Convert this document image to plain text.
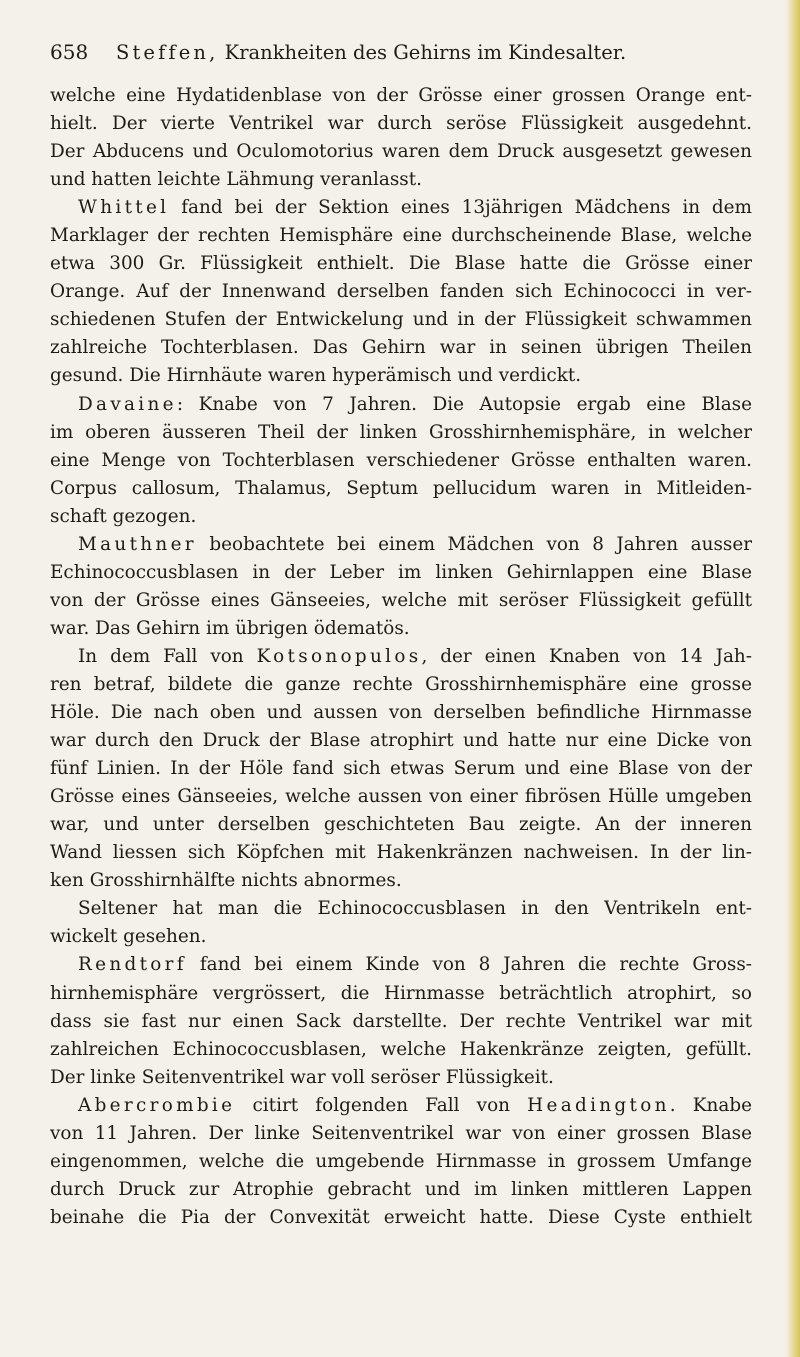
658	Steffen, Krankheiten des Gehirns im Kindesalter.
welche eine Hydatidenblase von der Grösse einer grossen Orange ent-
hielt. Der vierte Ventrikel war durch seröse Flüssigkeit ausgedehnt.
Der Abducens und Oculomotorius waren dem Druck ausgesetzt gewesen
und hatten leichte Lähmung veranlasst.
Whittel fand bei der Sektion eines 13jährigen Mädchens in dem
Marklager der rechten Hemisphäre eine durchscheinende Blase, welche
etwa 300 Gr. Flüssigkeit enthielt. Die Blase hatte die Grösse einer
Orange. Auf der Innenwand derselben fanden sich Echinococci in ver-
schiedenen Stufen der Entwickelung und in der Flüssigkeit schwammen
zahlreiche Tochterblasen. Das Gehirn war in seinen übrigen Theilen
gesund. Die Hirnhäute waren hyperämisch und verdickt.
Davaine: Knabe von 7 Jahren. Die Autopsie ergab eine Blase
im oberen äusseren Theil der linken Grosshirnhemisphäre, in welcher
eine Menge von Tochterblasen verschiedener Grösse enthalten waren.
Corpus callosum, Thalamus, Septum pellucidum waren in Mitleiden-
schaft gezogen.
Mauthner beobachtete bei einem Mädchen von 8 Jahren ausser
Echinococcusblasen in der Leber im linken Gehirnlappen eine Blase
von der Grösse eines Gänseeies, welche mit seröser Flüssigkeit gefüllt
war. Das Gehirn im übrigen ödematös.
In dem Fall von Kotsonopulos, der einen Knaben von 14 Jah-
ren betraf, bildete die ganze rechte Grosshirnhemisphäre eine grosse
Höle. Die nach oben und aussen von derselben befindliche Hirnmasse
war durch den Druck der Blase atrophirt und hatte nur eine Dicke von
fünf Linien. In der Höle fand sich etwas Serum und eine Blase von der
Grösse eines Gänseeies, welche aussen von einer fibrösen Hülle umgeben
war, und unter derselben geschichteten Bau zeigte. An der inneren
Wand liessen sich Köpfchen mit Hakenkränzen nachweisen. In der lin-
ken Grosshirnhälfte nichts abnormes.
Seltener hat man die Echinococcusblasen in den Ventrikeln ent-
wickelt gesehen.
Rendtorf fand bei einem Kinde von 8 Jahren die rechte Gross-
hirnhemisphäre vergrössert, die Hirnmasse beträchtlich atrophirt, so
dass sie fast nur einen Sack darstellte. Der rechte Ventrikel war mit
zahlreichen Echinococcusblasen, welche Hakenkränze zeigten, gefüllt.
Der linke Seitenventrikel war voll seröser Flüssigkeit.
Abercrombie citirt folgenden Fall von Headington. Knabe
von 11 Jahren. Der linke Seitenventrikel war von einer grossen Blase
eingenommen, welche die umgebende Hirnmasse in grossem Umfange
durch Druck zur Atrophie gebracht und im linken mittleren Lappen
beinahe die Pia der Convexität erweicht hatte. Diese Cyste enthielt
